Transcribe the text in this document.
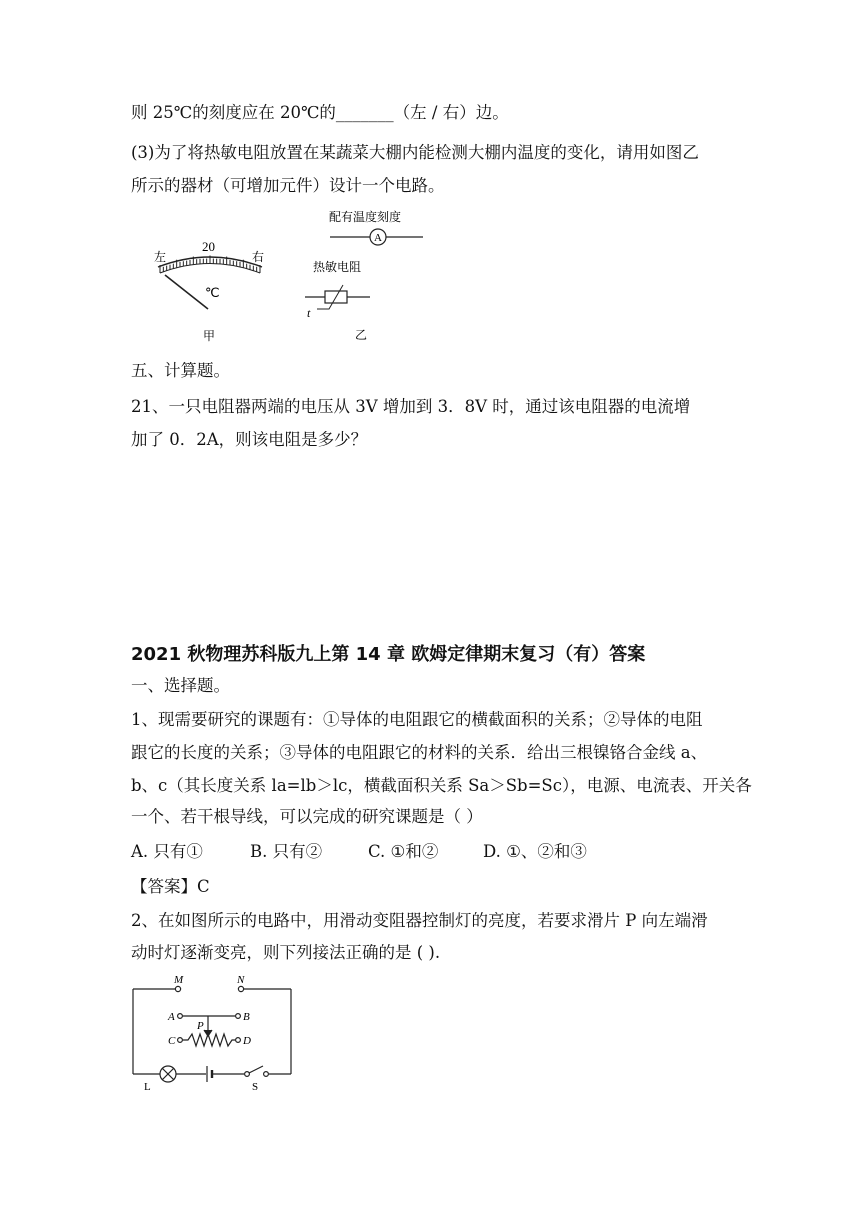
则 25℃的刻度应在 20℃的_______（左 / 右）边。
(3)为了将热敏电阻放置在某蔬菜大棚内能检测大棚内温度的变化，请用如图乙
所示的器材（可增加元件）设计一个电路。
左
20
右
℃
甲
配有温度刻度
A
热敏电阻
t
乙
五、计算题。
21、一只电阻器两端的电压从 3V 增加到 3．8V 时，通过该电阻器的电流增
加了 0．2A，则该电阻是多少？
2021 秋物理苏科版九上第 14 章 欧姆定律期末复习（有）答案
一、选择题。
1、现需要研究的课题有：①导体的电阻跟它的横截面积的关系；②导体的电阻
跟它的长度的关系；③导体的电阻跟它的材料的关系．给出三根镍铬合金线 a、
b、c（其长度关系 la=lb＞lc，横截面积关系 Sa＞Sb=Sc），电源、电流表、开关各
一个、若干根导线，可以完成的研究课题是（ ）
A. 只有①	B. 只有②	C. ①和②	D. ①、②和③
【答案】C
2、在如图所示的电路中，用滑动变阻器控制灯的亮度，若要求滑片 P 向左端滑
动时灯逐渐变亮，则下列接法正确的是 ( ).
M	N
A	B
P
C	D
L	S
